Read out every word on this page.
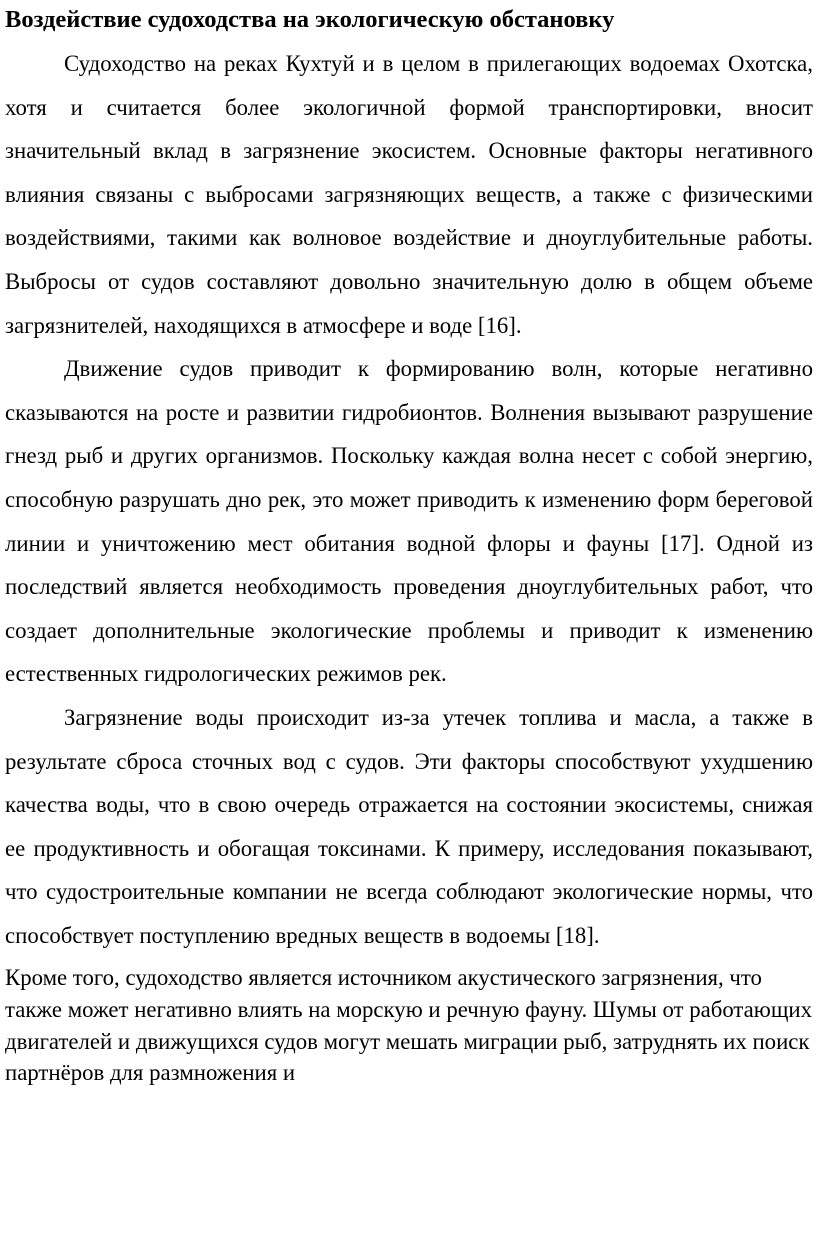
Воздействие судоходства на экологическую обстановку

Судоходство на реках Кухтуй и в целом в прилегающих водоемах Охотска, хотя и считается более экологичной формой транспортировки, вносит значительный вклад в загрязнение экосистем. Основные факторы негативного влияния связаны с выбросами загрязняющих веществ, а также с физическими воздействиями, такими как волновое воздействие и дноуглубительные работы. Выбросы от судов составляют довольно значительную долю в общем объеме загрязнителей, находящихся в атмосфере и воде [16].

Движение судов приводит к формированию волн, которые негативно сказываются на росте и развитии гидробионтов. Волнения вызывают разрушение гнезд рыб и других организмов. Поскольку каждая волна несет с собой энергию, способную разрушать дно рек, это может приводить к изменению форм береговой линии и уничтожению мест обитания водной флоры и фауны [17]. Одной из последствий является необходимость проведения дноуглубительных работ, что создает дополнительные экологические проблемы и приводит к изменению естественных гидрологических режимов рек.

Загрязнение воды происходит из-за утечек топлива и масла, а также в результате сброса сточных вод с судов. Эти факторы способствуют ухудшению качества воды, что в свою очередь отражается на состоянии экосистемы, снижая ее продуктивность и обогащая токсинами. К примеру, исследования показывают, что судостроительные компании не всегда соблюдают экологические нормы, что способствует поступлению вредных веществ в водоемы [18].

Кроме того, судоходство является источником акустического загрязнения, что также может негативно влиять на морскую и речную фауну. Шумы от работающих двигателей и движущихся судов могут мешать миграции рыб, затруднять их поиск партнёров для размножения и
